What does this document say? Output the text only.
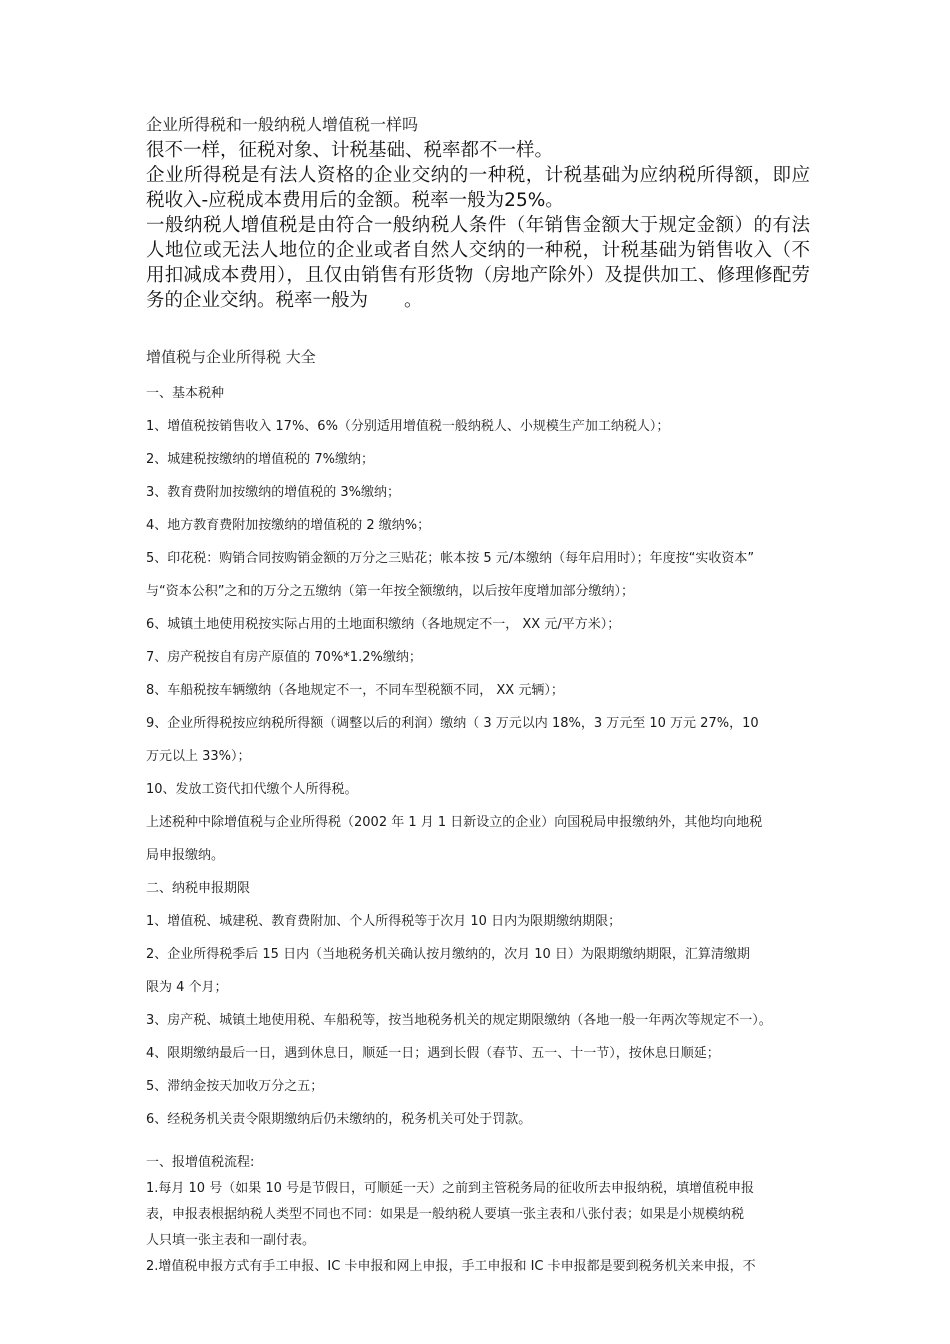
企业所得税和一般纳税人增值税一样吗

很不一样，征税对象、计税基础、税率都不一样。

企业所得税是有法人资格的企业交纳的一种税，计税基础为应纳税所得额，即应税收入-应税成本费用后的金额。税率一般为25%。

一般纳税人增值税是由符合一般纳税人条件（年销售金额大于规定金额）的有法人地位或无法人地位的企业或者自然人交纳的一种税，计税基础为销售收入（不用扣减成本费用），且仅由销售有形货物（房地产除外）及提供加工、修理修配劳务的企业交纳。税率一般为 。

增值税与企业所得税 大全

一、基本税种

1、增值税按销售收入 17%、6%（分别适用增值税一般纳税人、小规模生产加工纳税人）；

2、城建税按缴纳的增值税的 7%缴纳；

3、教育费附加按缴纳的增值税的 3%缴纳；

4、地方教育费附加按缴纳的增值税的 2 缴纳%；

5、印花税：购销合同按购销金额的万分之三贴花；帐本按 5 元/本缴纳（每年启用时）；年度按“实收资本”

与“资本公积”之和的万分之五缴纳（第一年按全额缴纳，以后按年度增加部分缴纳）；

6、城镇土地使用税按实际占用的土地面积缴纳（各地规定不一， XX 元/平方米）；

7、房产税按自有房产原值的 70%*1.2%缴纳；

8、车船税按车辆缴纳（各地规定不一，不同车型税额不同， XX 元辆）；

9、企业所得税按应纳税所得额（调整以后的利润）缴纳（ 3 万元以内 18%，3 万元至 10 万元 27%，10

万元以上 33%）；

10、发放工资代扣代缴个人所得税。

上述税种中除增值税与企业所得税（2002 年 1 月 1 日新设立的企业）向国税局申报缴纳外，其他均向地税

局申报缴纳。

二、纳税申报期限

1、增值税、城建税、教育费附加、个人所得税等于次月 10 日内为限期缴纳期限；

2、企业所得税季后 15 日内（当地税务机关确认按月缴纳的，次月 10 日）为限期缴纳期限，汇算清缴期

限为 4 个月；

3、房产税、城镇土地使用税、车船税等，按当地税务机关的规定期限缴纳（各地一般一年两次等规定不一）。

4、限期缴纳最后一日，遇到休息日，顺延一日；遇到长假（春节、五一、十一节），按休息日顺延；

5、滞纳金按天加收万分之五；

6、经税务机关责令限期缴纳后仍未缴纳的，税务机关可处于罚款。

一、报增值税流程:

1.每月 10 号（如果 10 号是节假日，可顺延一天）之前到主管税务局的征收所去申报纳税，填增值税申报

表，申报表根据纳税人类型不同也不同：如果是一般纳税人要填一张主表和八张付表；如果是小规模纳税

人只填一张主表和一副付表。

2.增值税申报方式有手工申报、IC 卡申报和网上申报，手工申报和 IC 卡申报都是要到税务机关来申报，不
